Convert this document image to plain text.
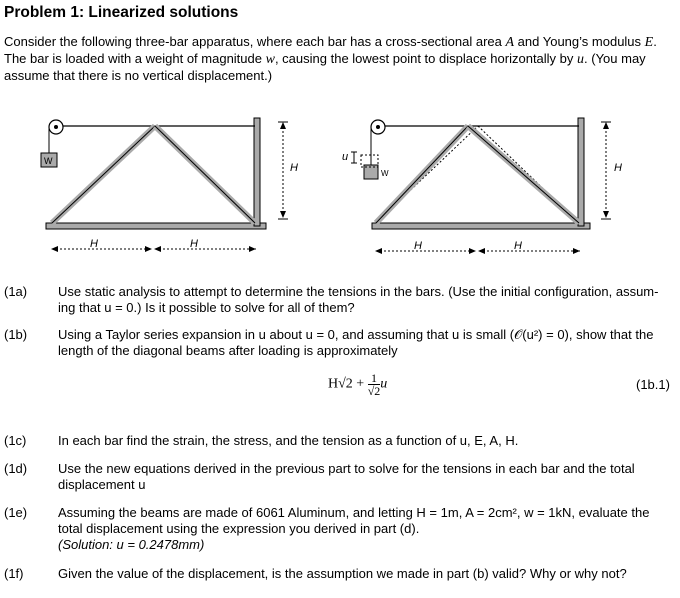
Problem 1: Linearized solutions
Consider the following three-bar apparatus, where each bar has a cross-sectional area A and Young’s modulus E. The bar is loaded with a weight of magnitude w, causing the lowest point to displace horizontally by u. (You may assume that there is no vertical displacement.)
W
H
H	H
W
u
H
H	H
(1a) Use static analysis to attempt to determine the tensions in the bars. (Use the initial configuration, assum-ing that u = 0.) Is it possible to solve for all of them?
(1b) Using a Taylor series expansion in u about u = 0, and assuming that u is small (𝒪(u²) = 0), show that the
length of the diagonal beams after loading is approximately
$H√2 + \frac{1}{√2}$ u	(1b.1)
(1c) In each bar find the strain, the stress, and the tension as a function of u, E, A, H.
(1d) Use the new equations derived in the previous part to solve for the tensions in each bar and the total
displacement u
(1e) Assuming the beams are made of 6061 Aluminum, and letting H = 1m, A = 2cm², w = 1kN, evaluate the
total displacement using the expression you derived in part (d).
(Solution: u = 0.2478mm)
(1f)	Given the value of the displacement, is the assumption we made in part (b) valid? Why or why not?
